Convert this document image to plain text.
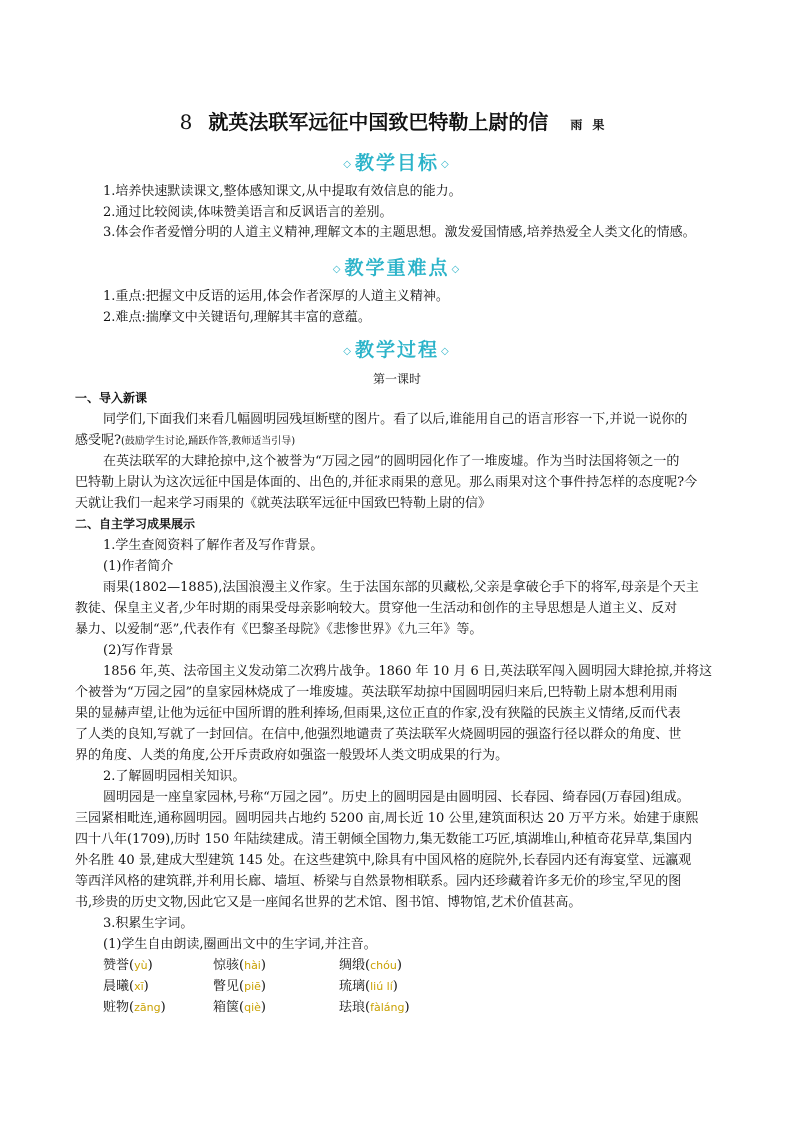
8 就英法联军远征中国致巴特勒上尉的信 雨果
◇ 教学目标 ◇
1.培养快速默读课文,整体感知课文,从中提取有效信息的能力。
2.通过比较阅读,体味赞美语言和反讽语言的差别。
3.体会作者爱憎分明的人道主义精神,理解文本的主题思想。激发爱国情感,培养热爱全人类文化的情感。
◇ 教学重难点 ◇
1.重点:把握文中反语的运用,体会作者深厚的人道主义精神。
2.难点:揣摩文中关键语句,理解其丰富的意蕴。
◇ 教学过程 ◇
第一课时
一、导入新课
同学们,下面我们来看几幅圆明园残垣断壁的图片。看了以后,谁能用自己的语言形容一下,并说一说你的
感受呢?(鼓励学生讨论,踊跃作答,教师适当引导)
在英法联军的大肆抢掠中,这个被誉为“万园之园”的圆明园化作了一堆废墟。作为当时法国将领之一的
巴特勒上尉认为这次远征中国是体面的、出色的,并征求雨果的意见。那么雨果对这个事件持怎样的态度呢?今
天就让我们一起来学习雨果的《就英法联军远征中国致巴特勒上尉的信》
二、自主学习成果展示
1.学生查阅资料了解作者及写作背景。
(1)作者简介
雨果(1802—1885),法国浪漫主义作家。生于法国东部的贝藏松,父亲是拿破仑手下的将军,母亲是个天主
教徒、保皇主义者,少年时期的雨果受母亲影响较大。贯穿他一生活动和创作的主导思想是人道主义、反对
暴力、以爱制“恶”,代表作有《巴黎圣母院》《悲惨世界》《九三年》等。
(2)写作背景
1856 年,英、法帝国主义发动第二次鸦片战争。1860 年 10 月 6 日,英法联军闯入圆明园大肆抢掠,并将这
个被誉为“万园之园”的皇家园林烧成了一堆废墟。英法联军劫掠中国圆明园归来后,巴特勒上尉本想利用雨
果的显赫声望,让他为远征中国所谓的胜利捧场,但雨果,这位正直的作家,没有狭隘的民族主义情绪,反而代表
了人类的良知,写就了一封回信。在信中,他强烈地谴责了英法联军火烧圆明园的强盗行径以群众的角度、世
界的角度、人类的角度,公开斥责政府如强盗一般毁坏人类文明成果的行为。
2.了解圆明园相关知识。
圆明园是一座皇家园林,号称“万园之园”。历史上的圆明园是由圆明园、长春园、绮春园(万春园)组成。
三园紧相毗连,通称圆明园。圆明园共占地约 5200 亩,周长近 10 公里,建筑面积达 20 万平方米。始建于康熙
四十八年(1709),历时 150 年陆续建成。清王朝倾全国物力,集无数能工巧匠,填湖堆山,种植奇花异草,集国内
外名胜 40 景,建成大型建筑 145 处。在这些建筑中,除具有中国风格的庭院外,长春园内还有海宴堂、远瀛观
等西洋风格的建筑群,并利用长廊、墙垣、桥梁与自然景物相联系。园内还珍藏着许多无价的珍宝,罕见的图
书,珍贵的历史文物,因此它又是一座闻名世界的艺术馆、图书馆、博物馆,艺术价值甚高。
3.积累生字词。
(1)学生自由朗读,圈画出文中的生字词,并注音。
赞誉(yù)	惊骇(hài)	绸缎(chóu)
晨曦(xī)	瞥见(piē)	琉璃(liú lí)
赃物(zāng)	箱箧(qiè)	珐琅(fàláng)
